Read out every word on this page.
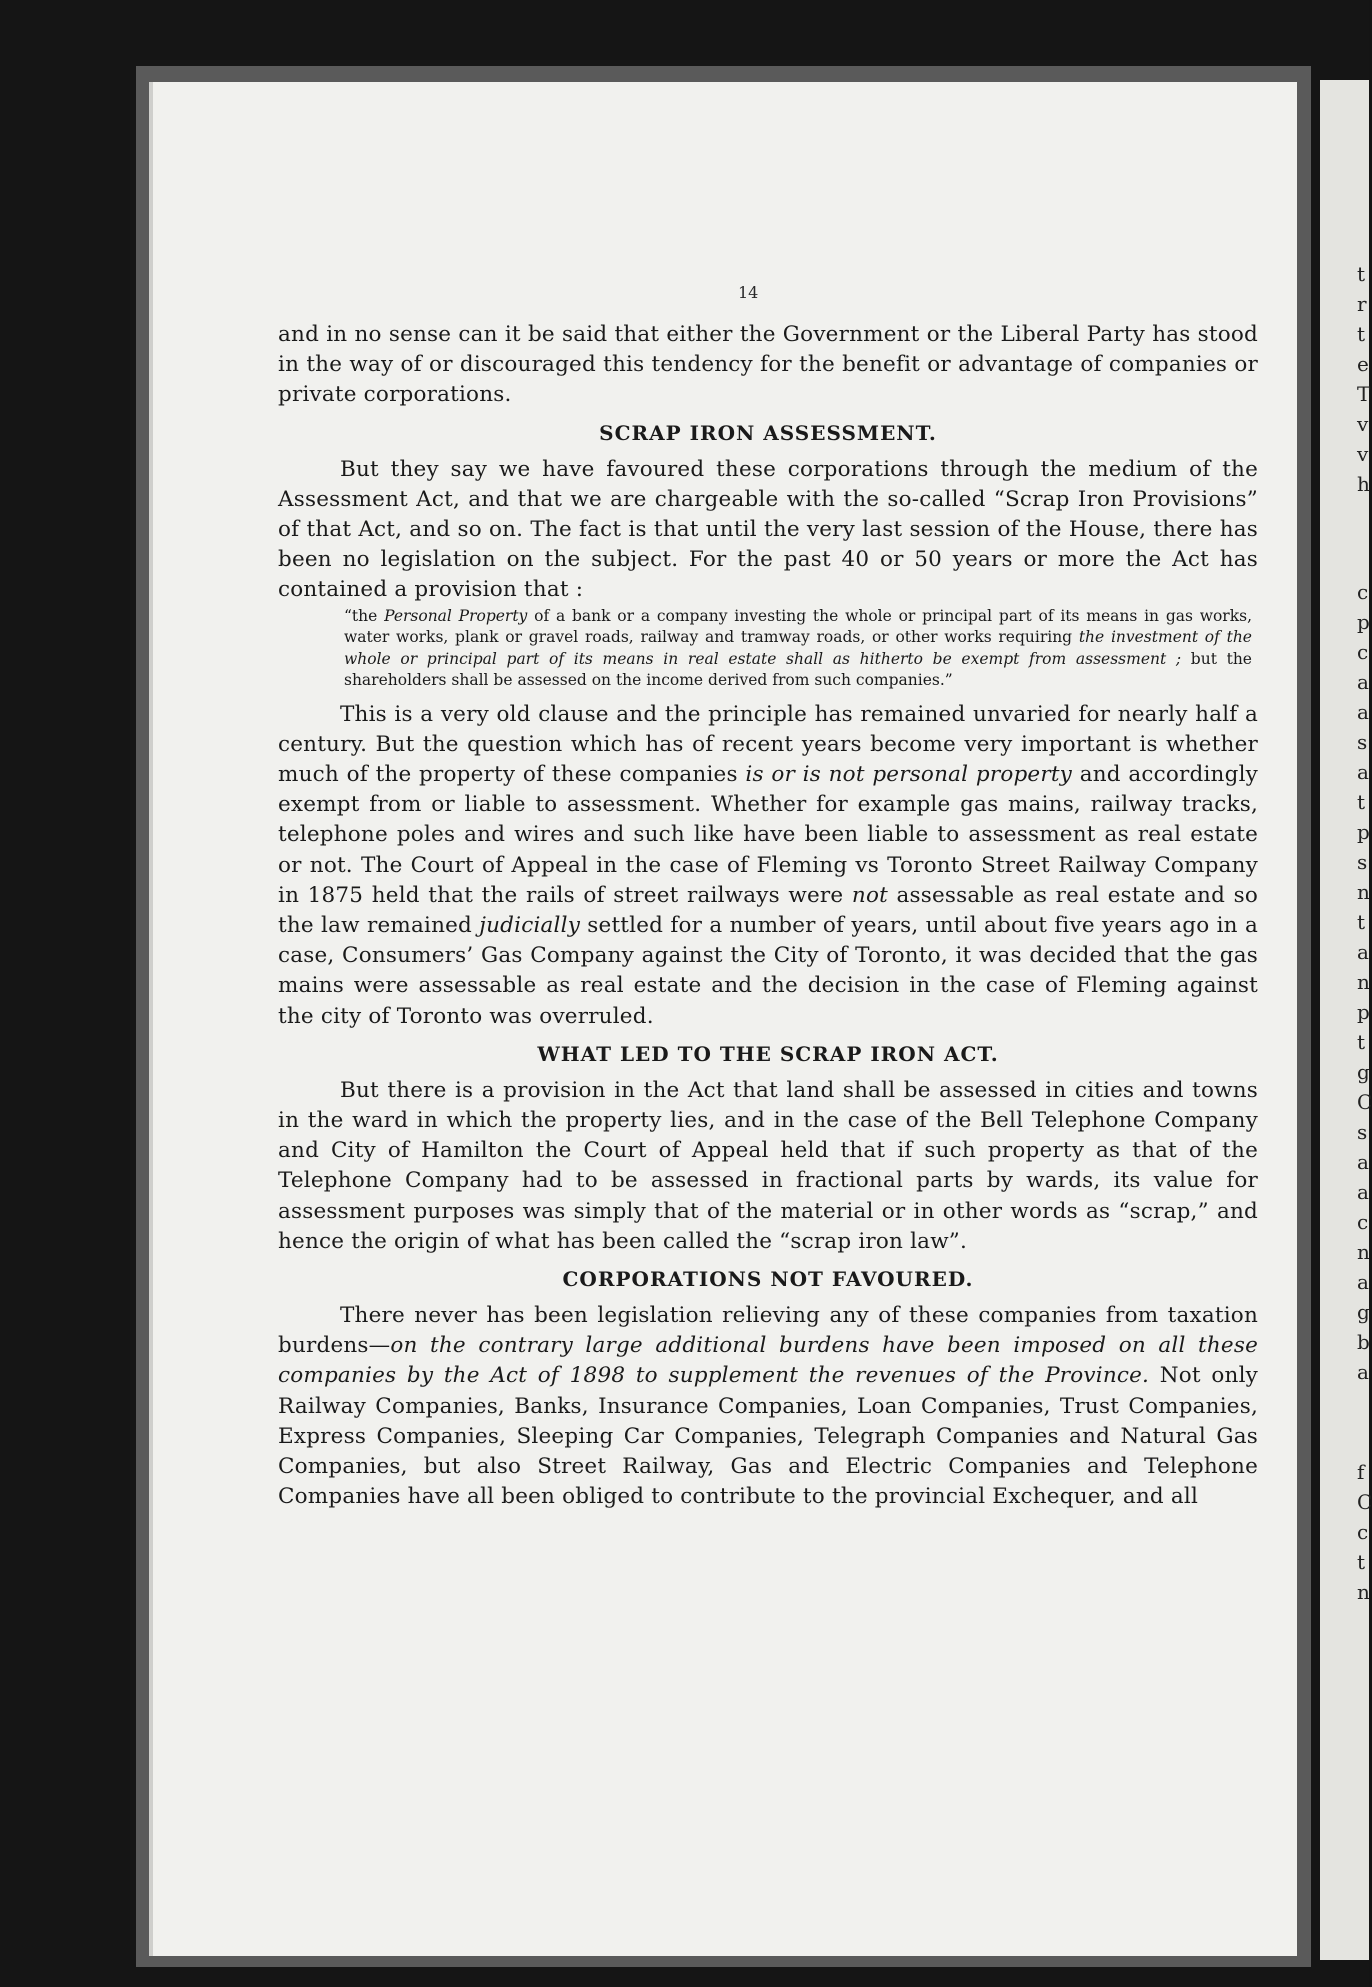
14

and in no sense can it be said that either the Government or the Liberal Party has stood in the way of or discouraged this tendency for the benefit or advantage of companies or private corporations.

SCRAP IRON ASSESSMENT.

But they say we have favoured these corporations through the medium of the Assessment Act, and that we are chargeable with the so-called “Scrap Iron Provisions” of that Act, and so on. The fact is that until the very last session of the House, there has been no legislation on the subject. For the past 40 or 50 years or more the Act has contained a provision that :

“the Personal Property of a bank or a company investing the whole or principal part of its means in gas works, water works, plank or gravel roads, railway and tramway roads, or other works requiring the investment of the whole or principal part of its means in real estate shall as hitherto be exempt from assessment ; but the shareholders shall be assessed on the income derived from such companies.”

This is a very old clause and the principle has remained unvaried for nearly half a century. But the question which has of recent years become very important is whether much of the property of these companies is or is not personal property and accordingly exempt from or liable to assessment. Whether for example gas mains, railway tracks, telephone poles and wires and such like have been liable to assessment as real estate or not. The Court of Appeal in the case of Fleming vs Toronto Street Railway Company in 1875 held that the rails of street railways were not assessable as real estate and so the law remained judicially settled for a number of years, until about five years ago in a case, Consumers’ Gas Company against the City of Toronto, it was decided that the gas mains were assessable as real estate and the decision in the case of Fleming against the city of Toronto was overruled.

WHAT LED TO THE SCRAP IRON ACT.

But there is a provision in the Act that land shall be assessed in cities and towns in the ward in which the property lies, and in the case of the Bell Telephone Company and City of Hamilton the Court of Appeal held that if such property as that of the Telephone Company had to be assessed in fractional parts by wards, its value for assessment purposes was simply that of the material or in other words as “scrap,” and hence the origin of what has been called the “scrap iron law”.

CORPORATIONS NOT FAVOURED.

There never has been legislation relieving any of these companies from taxation burdens—on the contrary large additional burdens have been imposed on all these companies by the Act of 1898 to supplement the revenues of the Province. Not only Railway Companies, Banks, Insurance Companies, Loan Companies, Trust Companies, Express Companies, Sleeping Car Companies, Telegraph Companies and Natural Gas Companies, but also Street Railway, Gas and Electric Companies and Telephone Companies have all been obliged to contribute to the provincial Exchequer, and all

t
r
t
e
T
v
v
h
c
p
c
a
a
s
a
t
p
s
n
t
a
n
p
t
g
C
s
a
a
c
n
a
g
b
a
f
C
c
t
n
